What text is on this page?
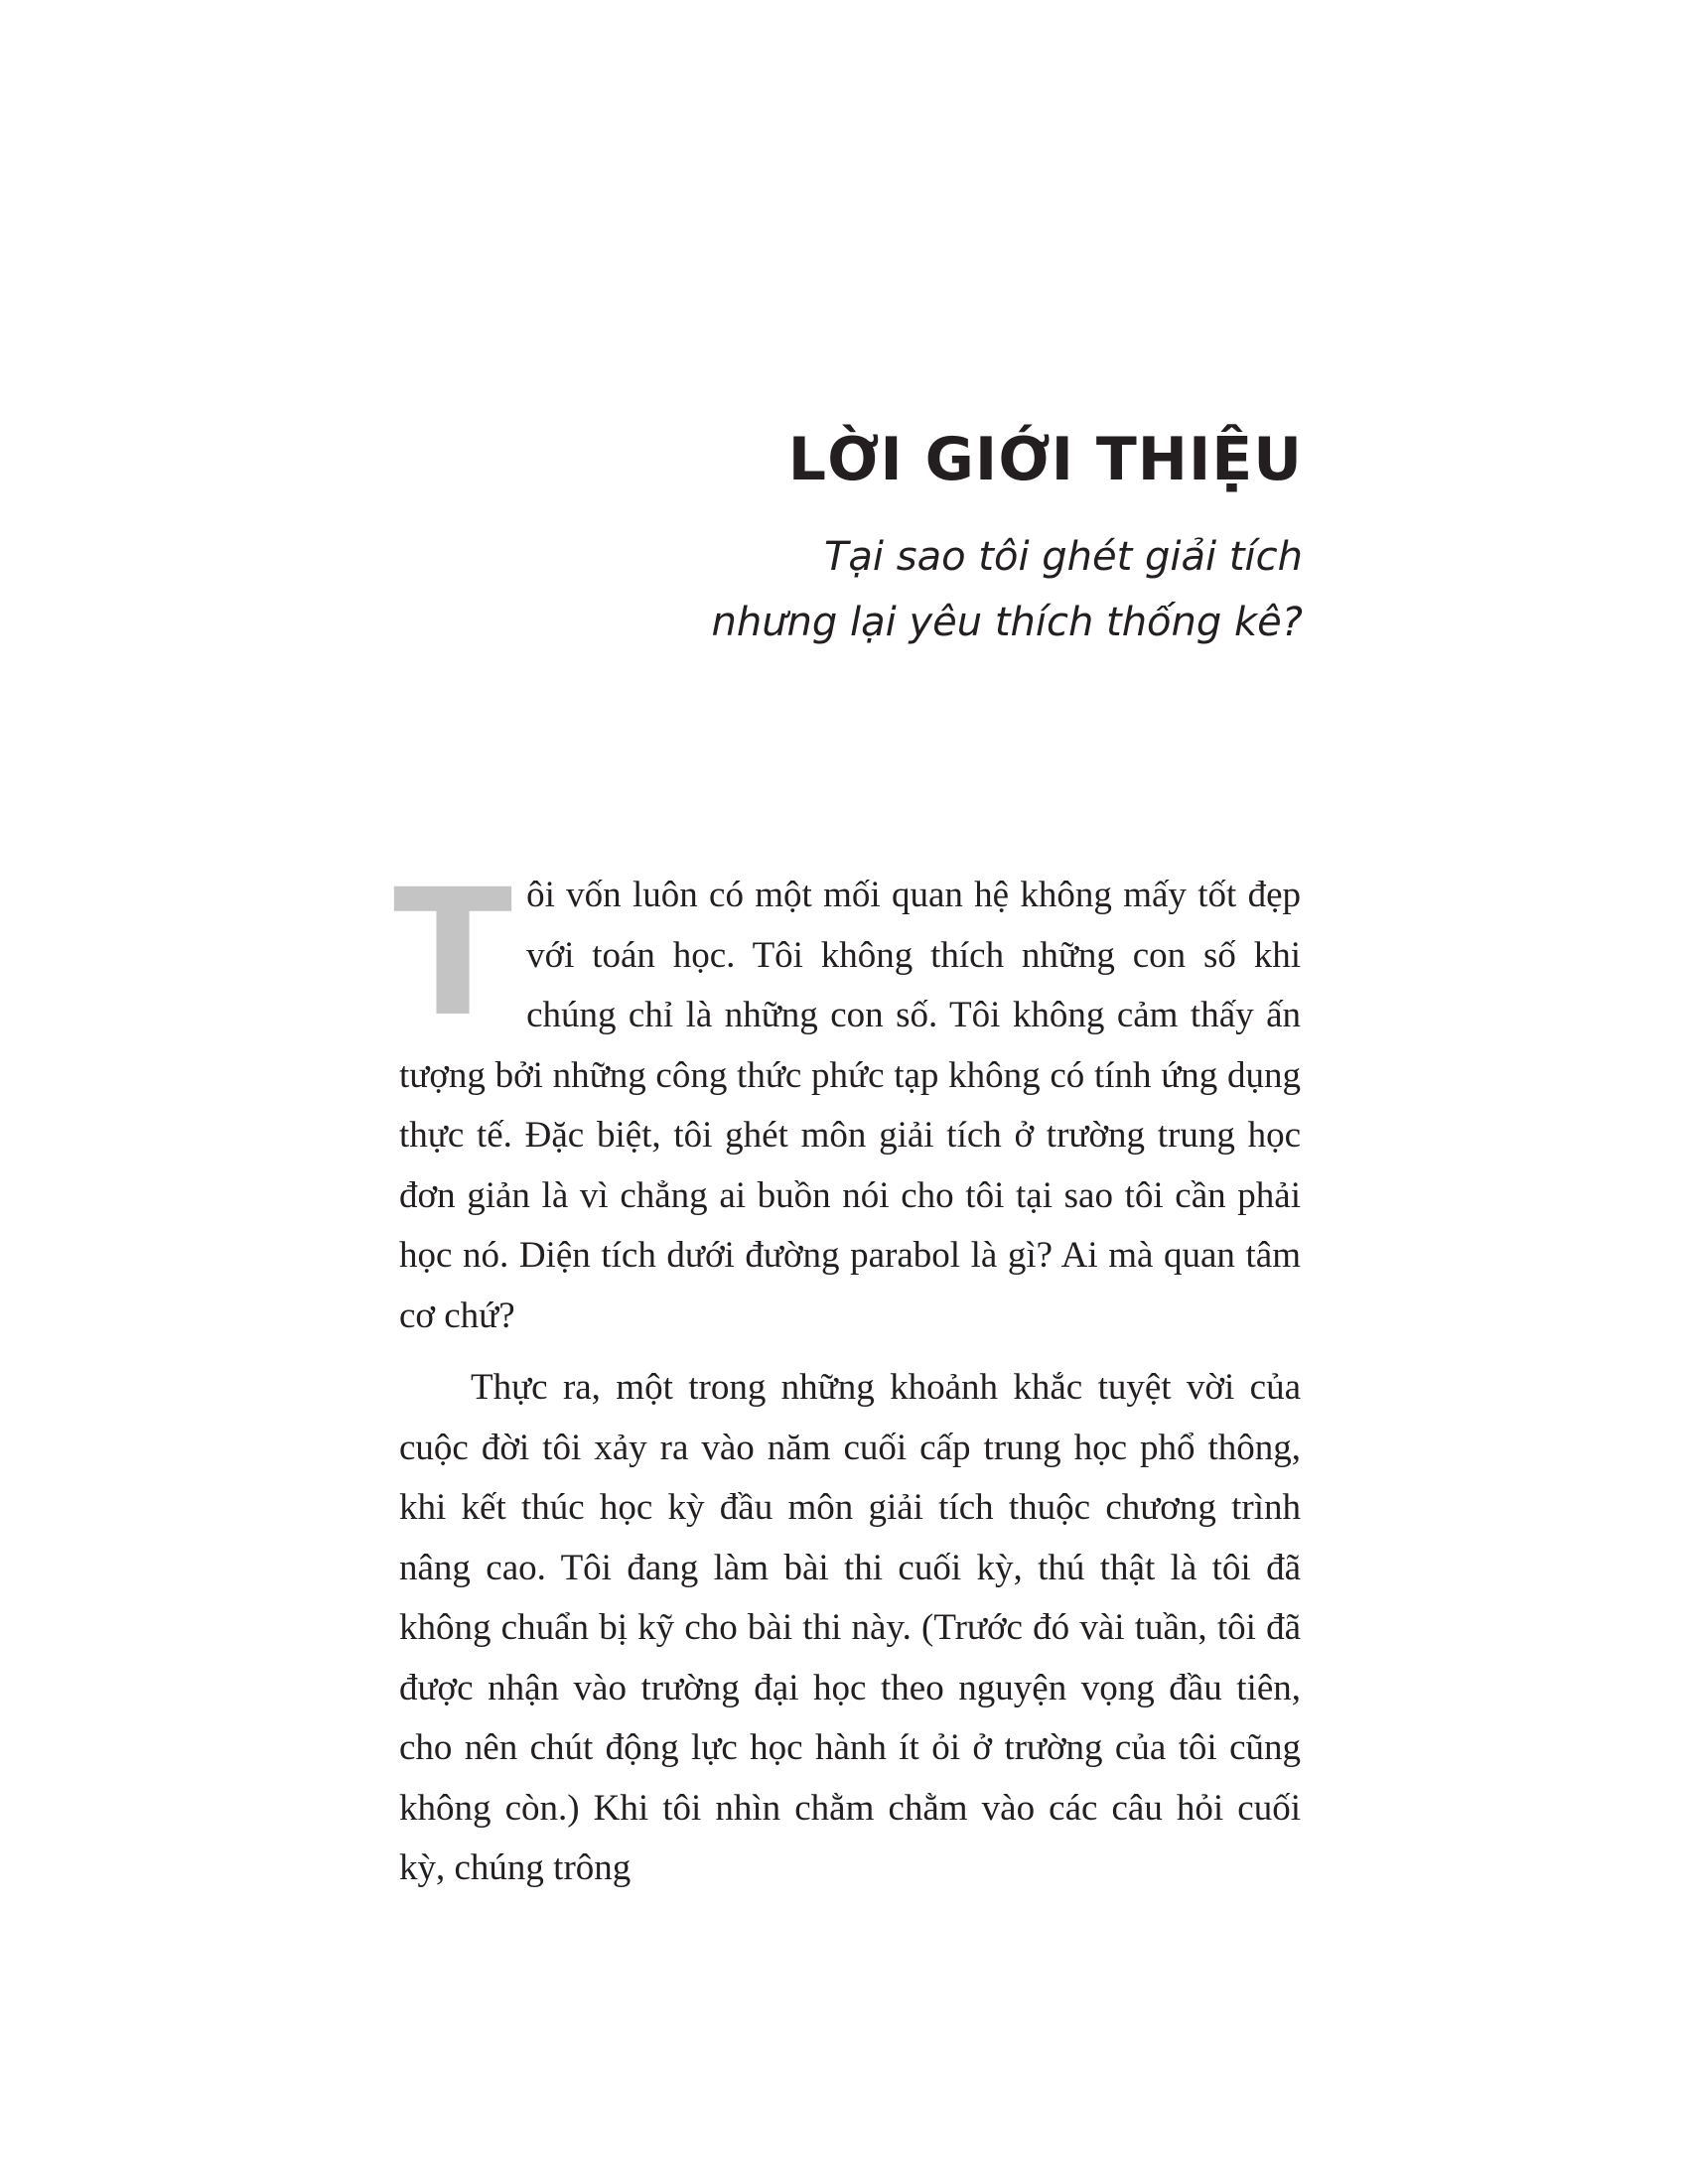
LỜI GIỚI THIỆU
Tại sao tôi ghét giải tích
nhưng lại yêu thích thống kê?

Tôi vốn luôn có một mối quan hệ không mấy tốt đẹp với toán học. Tôi không thích những con số khi chúng chỉ là những con số. Tôi không cảm thấy ấn tượng bởi những công thức phức tạp không có tính ứng dụng thực tế. Đặc biệt, tôi ghét môn giải tích ở trường trung học đơn giản là vì chẳng ai buồn nói cho tôi tại sao tôi cần phải học nó. Diện tích dưới đường parabol là gì? Ai mà quan tâm cơ chứ?

Thực ra, một trong những khoảnh khắc tuyệt vời của cuộc đời tôi xảy ra vào năm cuối cấp trung học phổ thông, khi kết thúc học kỳ đầu môn giải tích thuộc chương trình nâng cao. Tôi đang làm bài thi cuối kỳ, thú thật là tôi đã không chuẩn bị kỹ cho bài thi này. (Trước đó vài tuần, tôi đã được nhận vào trường đại học theo nguyện vọng đầu tiên, cho nên chút động lực học hành ít ỏi ở trường của tôi cũng không còn.) Khi tôi nhìn chằm chằm vào các câu hỏi cuối kỳ, chúng trông
